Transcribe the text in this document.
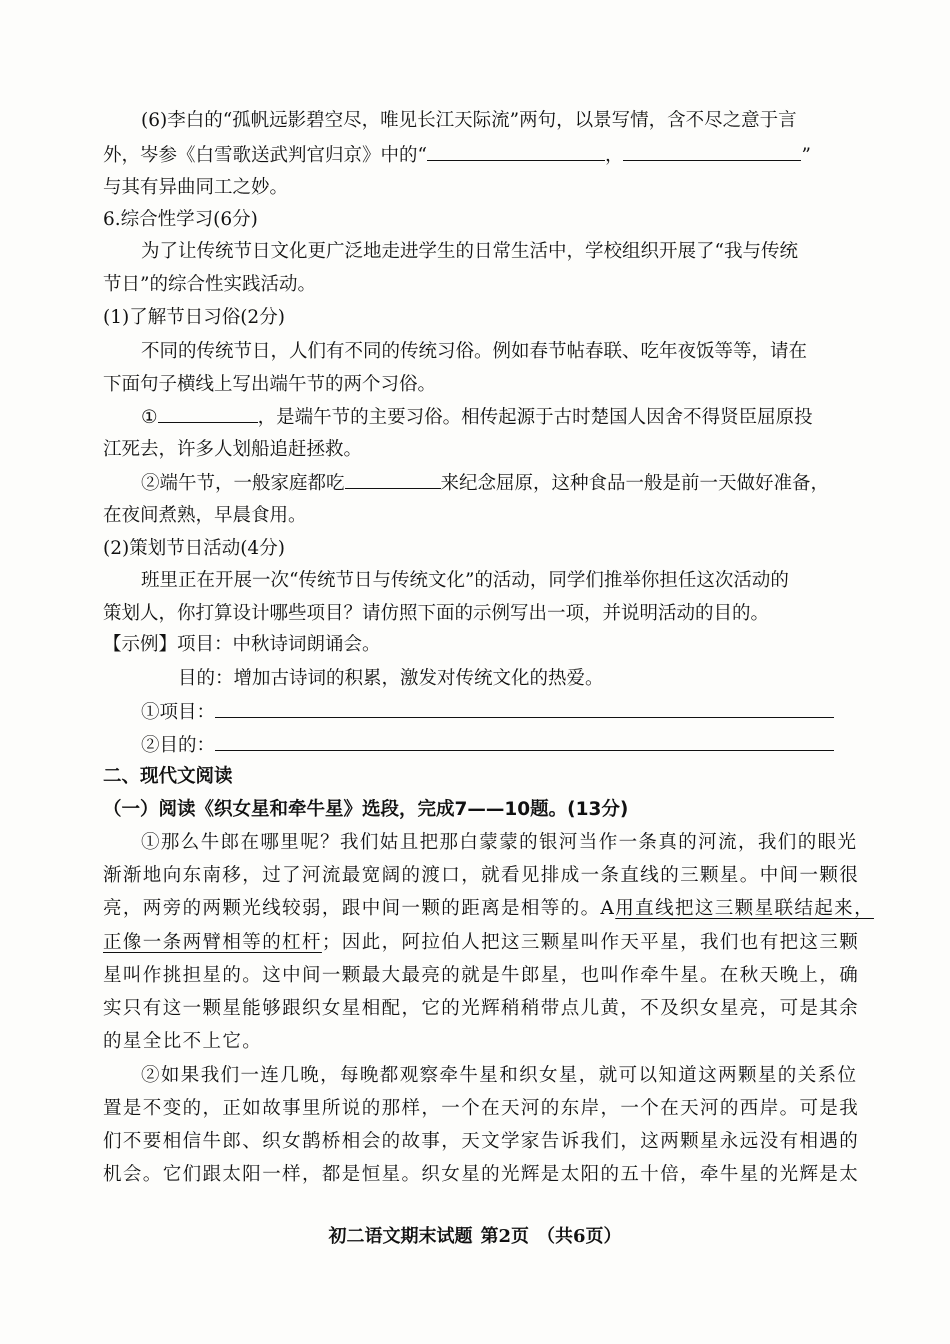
(6)李白的“孤帆远影碧空尽，唯见长江天际流”两句，以景写情，含不尽之意于言
外，岑参《白雪歌送武判官归京》中的“	，	”
与其有异曲同工之妙。
6.综合性学习(6分)
为了让传统节日文化更广泛地走进学生的日常生活中，学校组织开展了“我与传统
节日”的综合性实践活动。
(1)了解节日习俗(2分)
不同的传统节日，人们有不同的传统习俗。例如春节帖春联、吃年夜饭等等，请在
下面句子横线上写出端午节的两个习俗。
①	，是端午节的主要习俗。相传起源于古时楚国人因舍不得贤臣屈原投
江死去，许多人划船追赶拯救。
②端午节，一般家庭都吃	来纪念屈原，这种食品一般是前一天做好准备，
在夜间煮熟，早晨食用。
(2)策划节日活动(4分)
班里正在开展一次“传统节日与传统文化”的活动，同学们推举你担任这次活动的
策划人，你打算设计哪些项目？请仿照下面的示例写出一项，并说明活动的目的。
【示例】项目：中秋诗词朗诵会。
目的：增加古诗词的积累，激发对传统文化的热爱。
①项目：
②目的：
二、现代文阅读
（一）阅读《织女星和牵牛星》选段，完成7——10题。(13分)
①那么牛郎在哪里呢？我们姑且把那白蒙蒙的银河当作一条真的河流，我们的眼光
渐渐地向东南移，过了河流最宽阔的渡口，就看见排成一条直线的三颗星。中间一颗很
亮，两旁的两颗光线较弱，跟中间一颗的距离是相等的。A用直线把这三颗星联结起来，
正像一条两臂相等的杠杆；因此，阿拉伯人把这三颗星叫作天平星，我们也有把这三颗
星叫作挑担星的。这中间一颗最大最亮的就是牛郎星，也叫作牵牛星。在秋天晚上，确
实只有这一颗星能够跟织女星相配，它的光辉稍稍带点儿黄，不及织女星亮，可是其余
的星全比不上它。
②如果我们一连几晚，每晚都观察牵牛星和织女星，就可以知道这两颗星的关系位
置是不变的，正如故事里所说的那样，一个在天河的东岸，一个在天河的西岸。可是我
们不要相信牛郎、织女鹊桥相会的故事，天文学家告诉我们，这两颗星永远没有相遇的
机会。它们跟太阳一样，都是恒星。织女星的光辉是太阳的五十倍，牵牛星的光辉是太
初二语文期末试题 第2页 （共6页）
